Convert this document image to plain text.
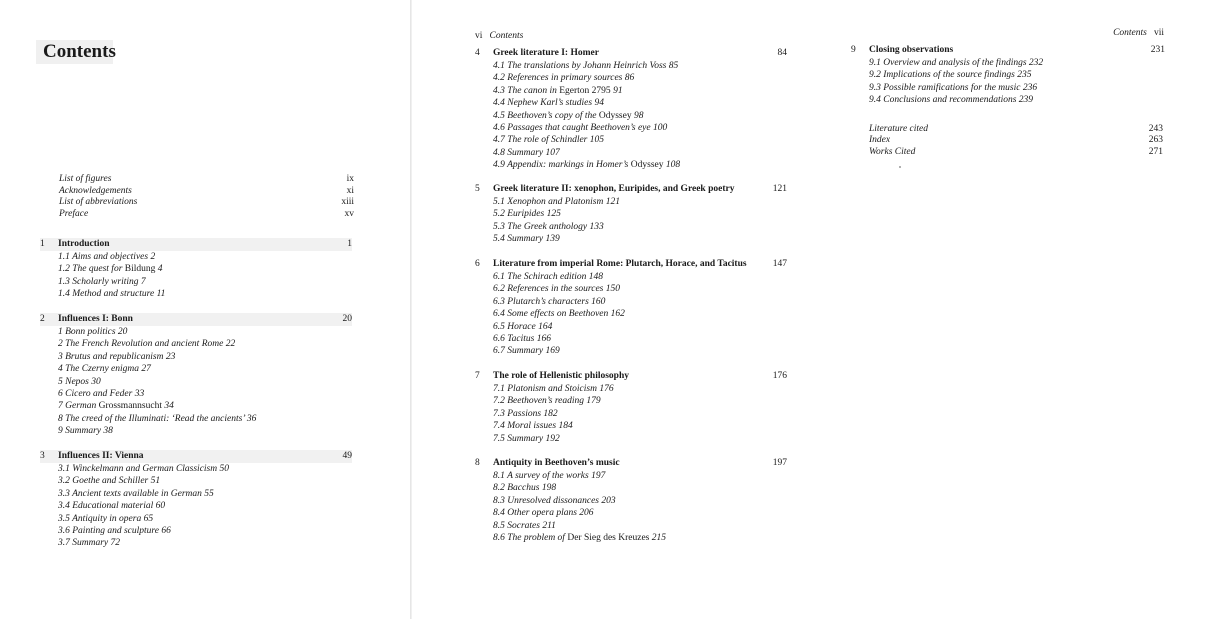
Contents
List of figures	ix
Acknowledgements	xi
List of abbreviations	xiii
Preface	xv
1 Introduction	1
1.1 Aims and objectives 2
1.2 The quest for Bildung 4
1.3 Scholarly writing 7
1.4 Method and structure 11
2 Influences I: Bonn	20
1 Bonn politics 20
2 The French Revolution and ancient Rome 22
3 Brutus and republicanism 23
4 The Czerny enigma 27
5 Nepos 30
6 Cicero and Feder 33
7 German Grossmannsucht 34
8 The creed of the Illuminati: ‘Read the ancients’ 36
9 Summary 38
3 Influences II: Vienna	49
3.1 Winckelmann and German Classicism 50
3.2 Goethe and Schiller 51
3.3 Ancient texts available in German 55
3.4 Educational material 60
3.5 Antiquity in opera 65
3.6 Painting and sculpture 66
3.7 Summary 72
vi Contents
4 Greek literature I: Homer	84
4.1 The translations by Johann Heinrich Voss 85
4.2 References in primary sources 86
4.3 The canon in Egerton 2795 91
4.4 Nephew Karl’s studies 94
4.5 Beethoven’s copy of the Odyssey 98
4.6 Passages that caught Beethoven’s eye 100
4.7 The role of Schindler 105
4.8 Summary 107
4.9 Appendix: markings in Homer’s Odyssey 108
5 Greek literature II: xenophon, Euripides, and Greek poetry	121
5.1 Xenophon and Platonism 121
5.2 Euripides 125
5.3 The Greek anthology 133
5.4 Summary 139
6 Literature from imperial Rome: Plutarch, Horace, and Tacitus	147
6.1 The Schirach edition 148
6.2 References in the sources 150
6.3 Plutarch’s characters 160
6.4 Some effects on Beethoven 162
6.5 Horace 164
6.6 Tacitus 166
6.7 Summary 169
7 The role of Hellenistic philosophy	176
7.1 Platonism and Stoicism 176
7.2 Beethoven’s reading 179
7.3 Passions 182
7.4 Moral issues 184
7.5 Summary 192
8 Antiquity in Beethoven’s music	197
8.1 A survey of the works 197
8.2 Bacchus 198
8.3 Unresolved dissonances 203
8.4 Other opera plans 206
8.5 Socrates 211
8.6 The problem of Der Sieg des Kreuzes 215
Contents vii
9 Closing observations	231
9.1 Overview and analysis of the findings 232
9.2 Implications of the source findings 235
9.3 Possible ramifications for the music 236
9.4 Conclusions and recommendations 239
Literature cited	243
Index	263
Works Cited	271
